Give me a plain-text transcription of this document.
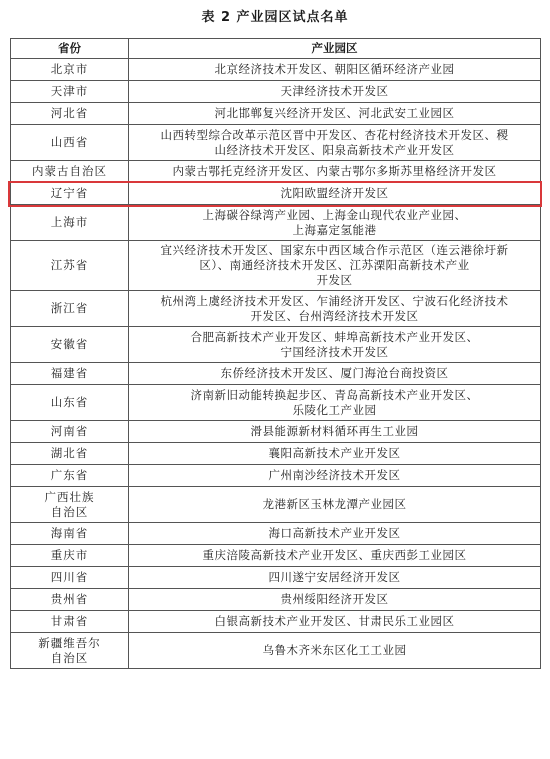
表 2 产业园区试点名单
省份	产业园区
北京市	北京经济技术开发区、朝阳区循环经济产业园
天津市	天津经济技术开发区
河北省	河北邯郸复兴经济开发区、河北武安工业园区
山西省	山西转型综合改革示范区晋中开发区、杏花村经济技术开发区、稷
山经济技术开发区、阳泉高新技术产业开发区
内蒙古自治区	内蒙古鄂托克经济开发区、内蒙古鄂尔多斯苏里格经济开发区
辽宁省	沈阳欧盟经济开发区
上海市	上海碳谷绿湾产业园、上海金山现代农业产业园、
上海嘉定氢能港
江苏省	宜兴经济技术开发区、国家东中西区域合作示范区（连云港徐圩新
区）、南通经济技术开发区、江苏溧阳高新技术产业
开发区
浙江省	杭州湾上虞经济技术开发区、乍浦经济开发区、宁波石化经济技术
开发区、台州湾经济技术开发区
安徽省	合肥高新技术产业开发区、蚌埠高新技术产业开发区、
宁国经济技术开发区
福建省	东侨经济技术开发区、厦门海沧台商投资区
山东省	济南新旧动能转换起步区、青岛高新技术产业开发区、
乐陵化工产业园
河南省	滑县能源新材料循环再生工业园
湖北省	襄阳高新技术产业开发区
广东省	广州南沙经济技术开发区
广西壮族
自治区	龙港新区玉林龙潭产业园区
海南省	海口高新技术产业开发区
重庆市	重庆涪陵高新技术产业开发区、重庆西彭工业园区
四川省	四川遂宁安居经济开发区
贵州省	贵州绥阳经济开发区
甘肃省	白银高新技术产业开发区、甘肃民乐工业园区
新疆维吾尔
自治区	乌鲁木齐米东区化工工业园
